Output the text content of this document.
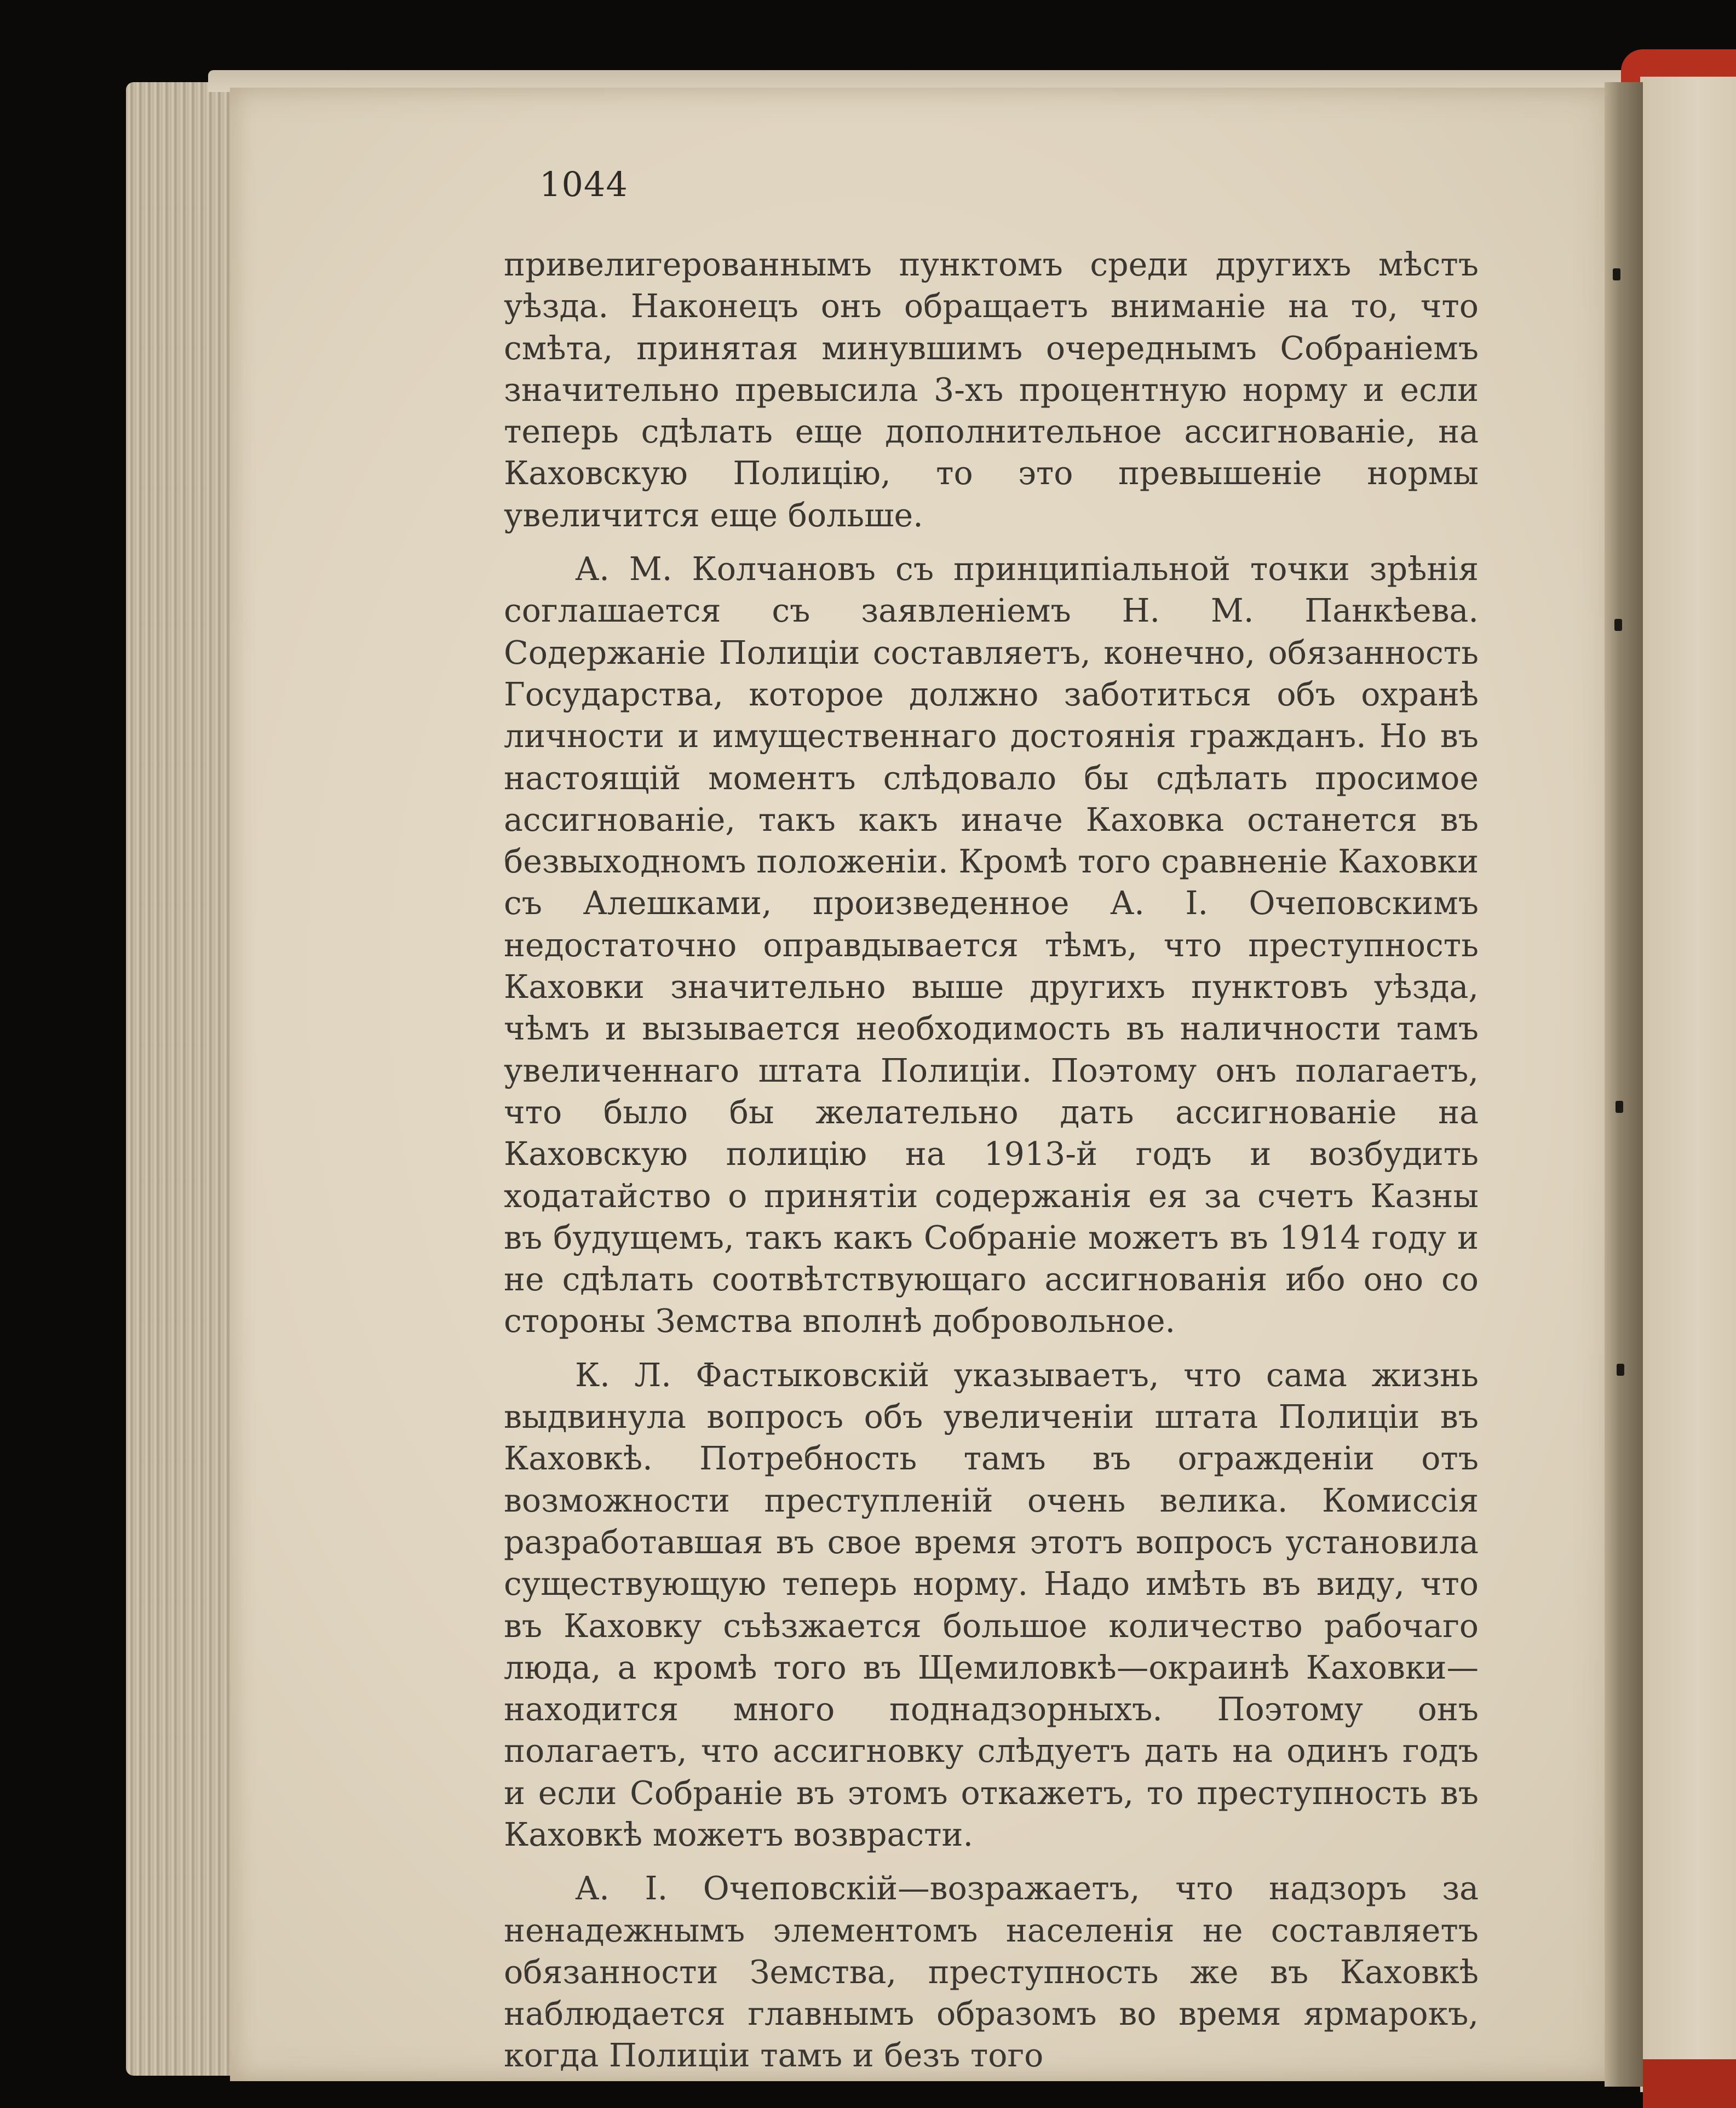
1044

привелигерованнымъ пунктомъ среди другихъ мѣстъ уѣзда. Наконецъ онъ обращаетъ вниманіе на то, что смѣта, принятая минувшимъ очереднымъ Собраніемъ значительно превысила 3-хъ процентную норму и если теперь сдѣлать еще дополнительное ассигнованіе, на Каховскую Полицію, то это превышеніе нормы увеличится еще больше.

А. М. Колчановъ съ принципіальной точки зрѣнія соглашается съ заявленіемъ Н. М. Панкѣева. Содержаніе Полиціи составляетъ, конечно, обязанность Государства, которое должно заботиться объ охранѣ личности и имущественнаго достоянія гражданъ. Но въ настоящій моментъ слѣдовало бы сдѣлать просимое ассигнованіе, такъ какъ иначе Каховка останется въ безвыходномъ положеніи. Кромѣ того сравненіе Каховки съ Алешками, произведенное А. І. Очеповскимъ недостаточно оправдывается тѣмъ, что преступность Каховки значительно выше другихъ пунктовъ уѣзда, чѣмъ и вызывается необходимость въ наличности тамъ увеличеннаго штата Полиціи. Поэтому онъ полагаетъ, что было бы желательно дать ассигнованіе на Каховскую полицію на 1913-й годъ и возбудить ходатайство о принятіи содержанія ея за счетъ Казны въ будущемъ, такъ какъ Собраніе можетъ въ 1914 году и не сдѣлать соотвѣтствующаго ассигнованія ибо оно со стороны Земства вполнѣ добровольное.

К. Л. Фастыковскій указываетъ, что сама жизнь выдвинула вопросъ объ увеличеніи штата Полиціи въ Каховкѣ. Потребность тамъ въ огражденіи отъ возможности преступленій очень велика. Комиссія разработавшая въ свое время этотъ вопросъ установила существующую теперь норму. Надо имѣть въ виду, что въ Каховку съѣзжается большое количество рабочаго люда, а кромѣ того въ Щемиловкѣ—окраинѣ Каховки—находится много поднадзорныхъ. Поэтому онъ полагаетъ, что ассигновку слѣдуетъ дать на одинъ годъ и если Собраніе въ этомъ откажетъ, то преступность въ Каховкѣ можетъ возврасти.

А. І. Очеповскій—возражаетъ, что надзоръ за ненадежнымъ элементомъ населенія не составляетъ обязанности Земства, преступность же въ Каховкѣ наблюдается главнымъ образомъ во время ярмарокъ, когда Полиціи тамъ и безъ того
